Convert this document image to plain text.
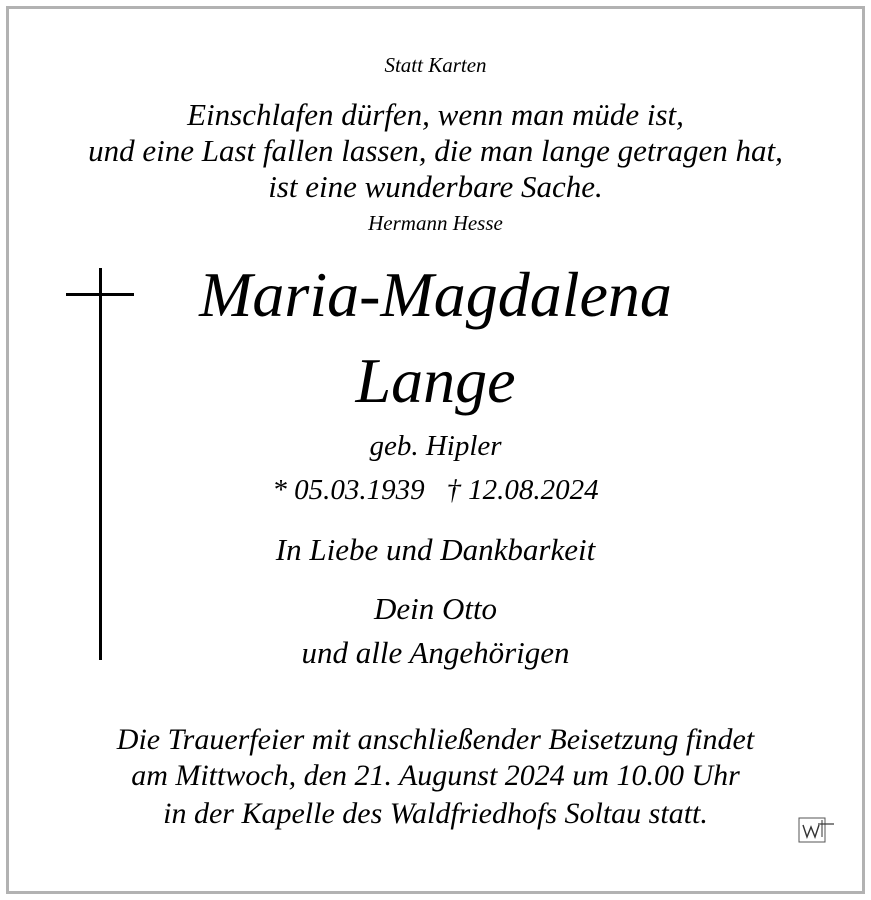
Statt Karten
Einschlafen dürfen, wenn man müde ist,
und eine Last fallen lassen, die man lange getragen hat,
ist eine wunderbare Sache.
Hermann Hesse
Maria-Magdalena
Lange
geb. Hipler
* 05.03.1939   † 12.08.2024
In Liebe und Dankbarkeit
Dein Otto
und alle Angehörigen
Die Trauerfeier mit anschließender Beisetzung findet
am Mittwoch, den 21. Augunst 2024 um 10.00 Uhr
in der Kapelle des Waldfriedhofs Soltau statt.
